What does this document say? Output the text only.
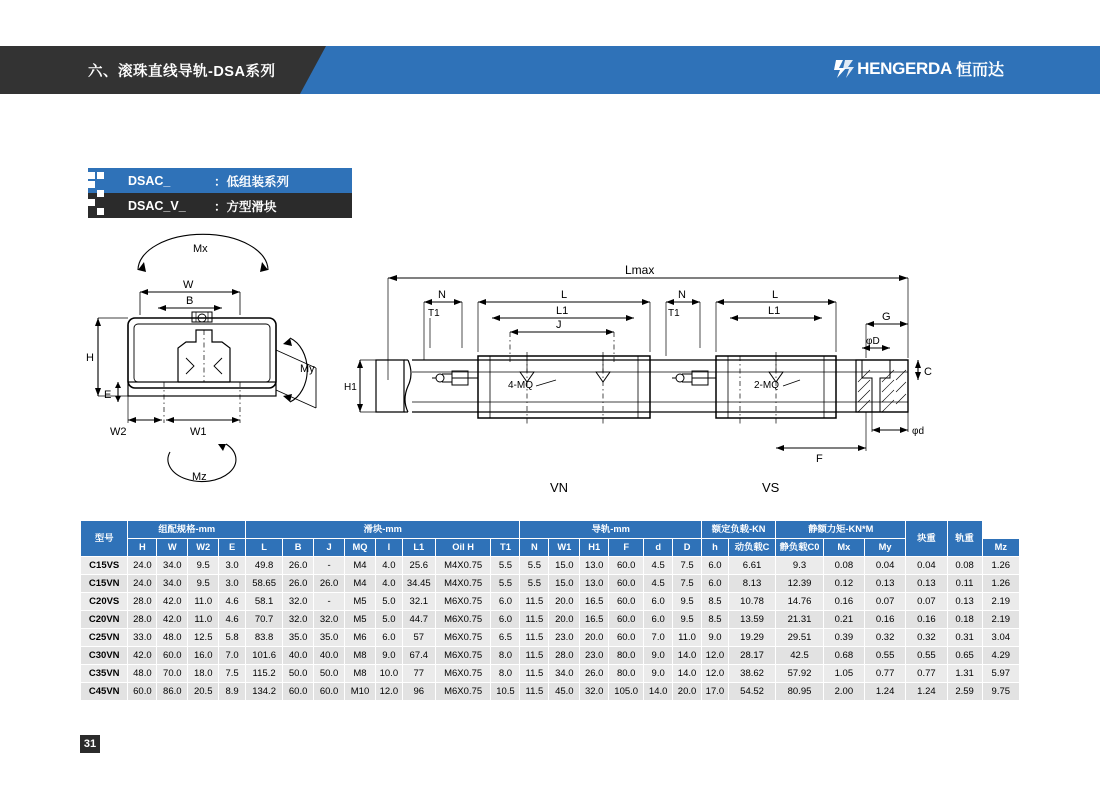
六、滚珠直线导轨-DSA系列	HENGERDA 恒而达
DSAC_	： 低组装系列
DSAC_V_	： 方型滑块
Mx
W
B
H
E
W2	W1
My
Mz
Lmax
N	L
L1
J
T1
4-MQ
H1
N
T1
L
L1
2-MQ
G
φD
C
φd
F
VN	VS
型号	组配规格-mm				滑块-mm								导轨-mm						额定负载-KN		静额力矩-KN*M			块重	轨重	
	H	W	W2	E	L	B	J	MQ	l	L1	Oil H	T1	N	W1	H1	F	d	D	h	动负载C	静负载C0	Mx	My			Mz
C15VS	24.0	34.0	9.5	3.0	49.8	26.0	-	M4	4.0	25.6	M4X0.75	5.5	5.5	15.0	13.0	60.0	4.5	7.5	6.0	6.61	9.3	0.08	0.04	0.04	0.08	1.26
C15VN	24.0	34.0	9.5	3.0	58.65	26.0	26.0	M4	4.0	34.45	M4X0.75	5.5	5.5	15.0	13.0	60.0	4.5	7.5	6.0	8.13	12.39	0.12	0.13	0.13	0.11	1.26
C20VS	28.0	42.0	11.0	4.6	58.1	32.0	-	M5	5.0	32.1	M6X0.75	6.0	11.5	20.0	16.5	60.0	6.0	9.5	8.5	10.78	14.76	0.16	0.07	0.07	0.13	2.19
C20VN	28.0	42.0	11.0	4.6	70.7	32.0	32.0	M5	5.0	44.7	M6X0.75	6.0	11.5	20.0	16.5	60.0	6.0	9.5	8.5	13.59	21.31	0.21	0.16	0.16	0.18	2.19
C25VN	33.0	48.0	12.5	5.8	83.8	35.0	35.0	M6	6.0	57	M6X0.75	6.5	11.5	23.0	20.0	60.0	7.0	11.0	9.0	19.29	29.51	0.39	0.32	0.32	0.31	3.04
C30VN	42.0	60.0	16.0	7.0	101.6	40.0	40.0	M8	9.0	67.4	M6X0.75	8.0	11.5	28.0	23.0	80.0	9.0	14.0	12.0	28.17	42.5	0.68	0.55	0.55	0.65	4.29
C35VN	48.0	70.0	18.0	7.5	115.2	50.0	50.0	M8	10.0	77	M6X0.75	8.0	11.5	34.0	26.0	80.0	9.0	14.0	12.0	38.62	57.92	1.05	0.77	0.77	1.31	5.97
C45VN	60.0	86.0	20.5	8.9	134.2	60.0	60.0	M10	12.0	96	M6X0.75	10.5	11.5	45.0	32.0	105.0	14.0	20.0	17.0	54.52	80.95	2.00	1.24	1.24	2.59	9.75
31
